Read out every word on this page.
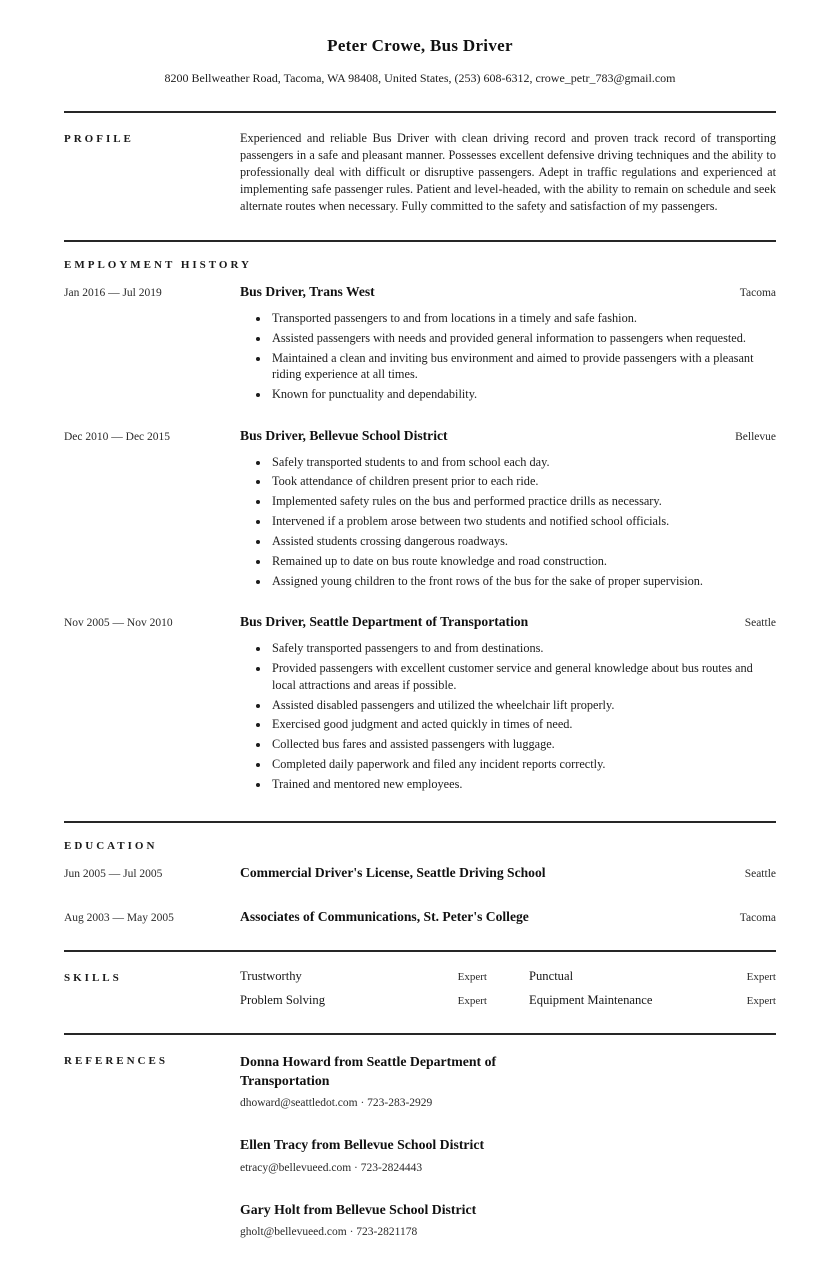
Peter Crowe, Bus Driver

8200 Bellweather Road, Tacoma, WA 98408, United States, (253) 608-6312, crowe_petr_783@gmail.com

PROFILE	Experienced and reliable Bus Driver with clean driving record and proven track record of transporting passengers in a safe and pleasant manner. Possesses excellent defensive driving techniques and the ability to professionally deal with difficult or disruptive passengers. Adept in traffic regulations and experienced at implementing safe passenger rules. Patient and level-headed, with the ability to remain on schedule and seek alternate routes when necessary. Fully committed to the safety and satisfaction of my passengers.

EMPLOYMENT HISTORY
Jan 2016 — Jul 2019	Bus Driver, Trans West	Tacoma
• Transported passengers to and from locations in a timely and safe fashion.
• Assisted passengers with needs and provided general information to passengers when requested.
• Maintained a clean and inviting bus environment and aimed to provide passengers with a pleasant riding experience at all times.
• Known for punctuality and dependability.
Dec 2010 — Dec 2015	Bus Driver, Bellevue School District	Bellevue
• Safely transported students to and from school each day.
• Took attendance of children present prior to each ride.
• Implemented safety rules on the bus and performed practice drills as necessary.
• Intervened if a problem arose between two students and notified school officials.
• Assisted students crossing dangerous roadways.
• Remained up to date on bus route knowledge and road construction.
• Assigned young children to the front rows of the bus for the sake of proper supervision.
Nov 2005 — Nov 2010	Bus Driver, Seattle Department of Transportation	Seattle
• Safely transported passengers to and from destinations.
• Provided passengers with excellent customer service and general knowledge about bus routes and local attractions and areas if possible.
• Assisted disabled passengers and utilized the wheelchair lift properly.
• Exercised good judgment and acted quickly in times of need.
• Collected bus fares and assisted passengers with luggage.
• Completed daily paperwork and filed any incident reports correctly.
• Trained and mentored new employees.
EDUCATION
Jun 2005 — Jul 2005	Commercial Driver's License, Seattle Driving School	Seattle
Aug 2003 — May 2005	Associates of Communications, St. Peter's College	Tacoma
SKILLS	Trustworthy	Expert	Punctual	Expert
Problem Solving	Expert	Equipment Maintenance	Expert
REFERENCES	Donna Howard from Seattle Department of Transportation
dhoward@seattledot.com · 723-283-2929
Ellen Tracy from Bellevue School District
etracy@bellevueed.com · 723-2824443
Gary Holt from Bellevue School District
gholt@bellevueed.com · 723-2821178
